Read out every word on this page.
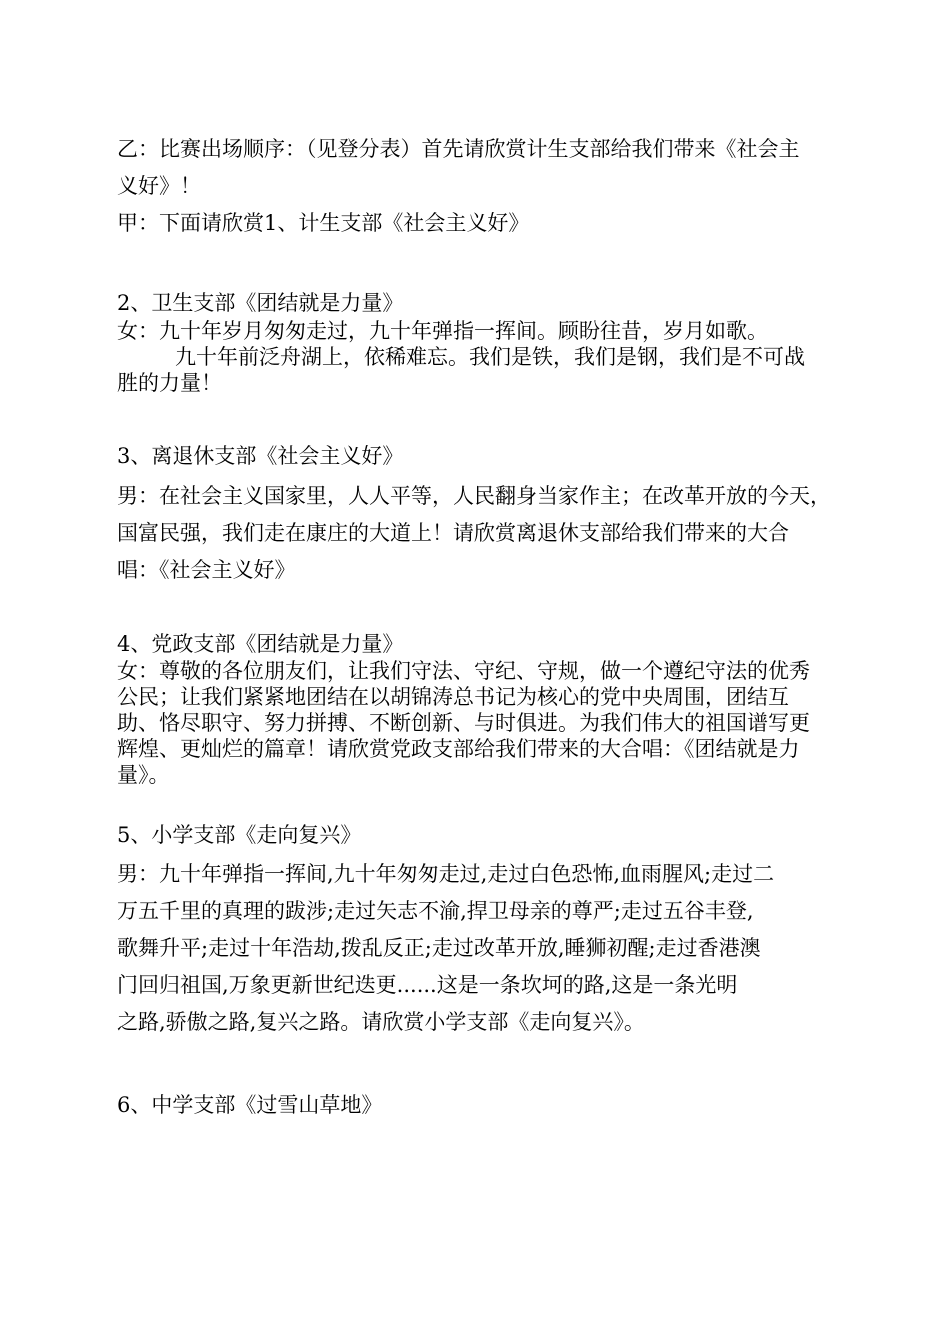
乙：比赛出场顺序：（见登分表）首先请欣赏计生支部给我们带来《社会主
义好》！
甲：下面请欣赏1、计生支部《社会主义好》
2、卫生支部《团结就是力量》
女：九十年岁月匆匆走过，九十年弹指一挥间。顾盼往昔，岁月如歌。
九十年前泛舟湖上，依稀难忘。我们是铁，我们是钢，我们是不可战
胜的力量！
3、离退休支部《社会主义好》
男：在社会主义国家里，人人平等，人民翻身当家作主；在改革开放的今天，
国富民强，我们走在康庄的大道上！请欣赏离退休支部给我们带来的大合
唱：《社会主义好》
4、党政支部《团结就是力量》
女：尊敬的各位朋友们，让我们守法、守纪、守规，做一个遵纪守法的优秀
公民；让我们紧紧地团结在以胡锦涛总书记为核心的党中央周围，团结互
助、恪尽职守、努力拼搏、不断创新、与时俱进。为我们伟大的祖国谱写更
辉煌、更灿烂的篇章！请欣赏党政支部给我们带来的大合唱：《团结就是力
量》。
5、小学支部《走向复兴》
男：九十年弹指一挥间,九十年匆匆走过,走过白色恐怖,血雨腥风;走过二
万五千里的真理的跋涉;走过矢志不渝,捍卫母亲的尊严;走过五谷丰登,
歌舞升平;走过十年浩劫,拨乱反正;走过改革开放,睡狮初醒;走过香港澳
门回归祖国,万象更新世纪迭更......这是一条坎坷的路,这是一条光明
之路,骄傲之路,复兴之路。请欣赏小学支部《走向复兴》。
6、中学支部《过雪山草地》
